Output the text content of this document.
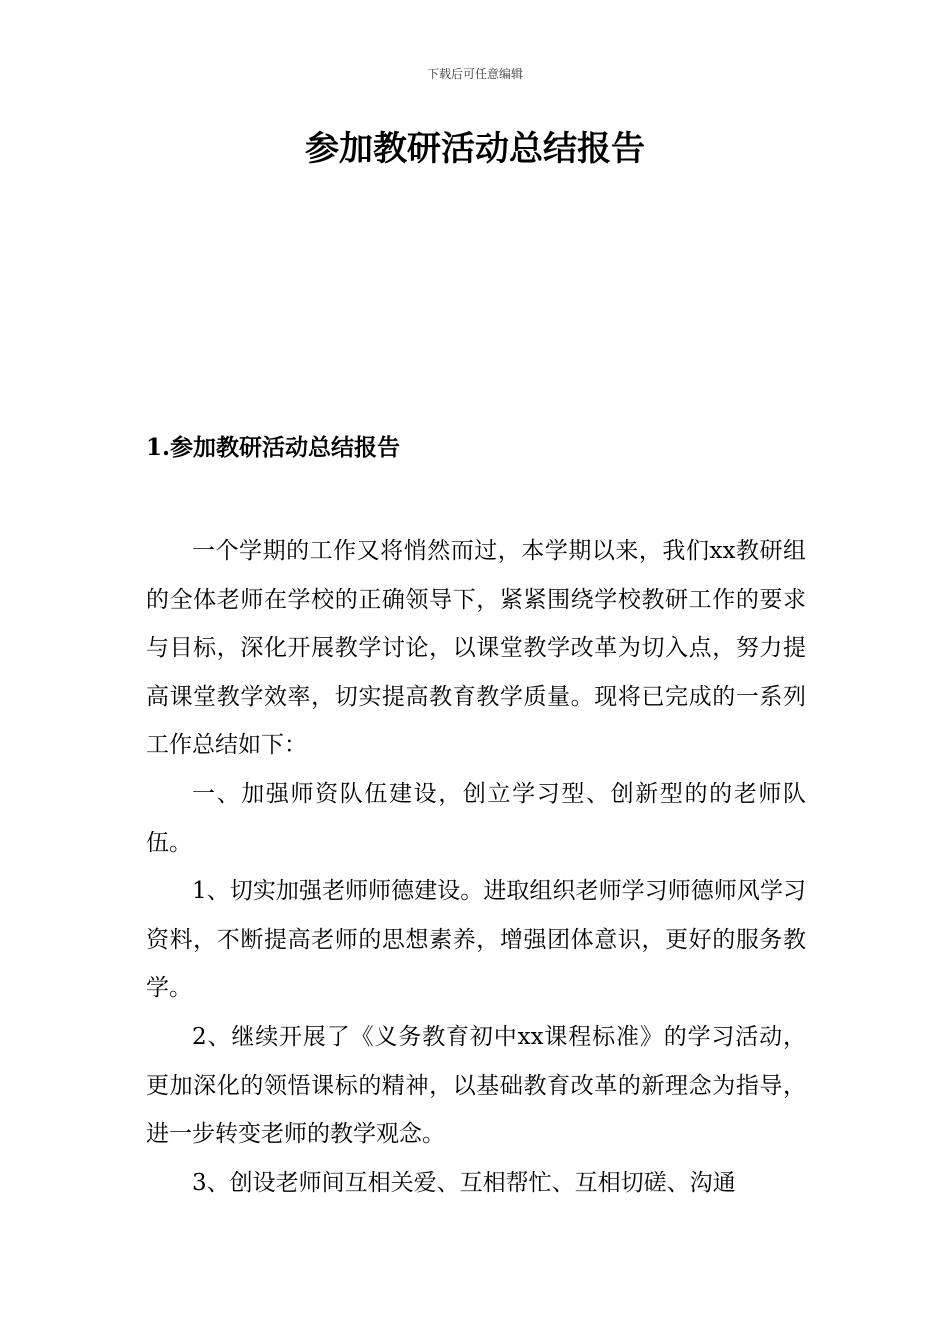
下载后可任意编辑
参加教研活动总结报告
1.参加教研活动总结报告

一个学期的工作又将悄然而过，本学期以来，我们xx教研组的全体老师在学校的正确领导下，紧紧围绕学校教研工作的要求与目标，深化开展教学讨论，以课堂教学改革为切入点，努力提高课堂教学效率，切实提高教育教学质量。现将已完成的一系列工作总结如下：

一、加强师资队伍建设，创立学习型、创新型的的老师队伍。

1、切实加强老师师德建设。进取组织老师学习师德师风学习资料，不断提高老师的思想素养，增强团体意识，更好的服务教学。

2、继续开展了《义务教育初中xx课程标准》的学习活动，更加深化的领悟课标的精神，以基础教育改革的新理念为指导，进一步转变老师的教学观念。

3、创设老师间互相关爱、互相帮忙、互相切磋、沟通
